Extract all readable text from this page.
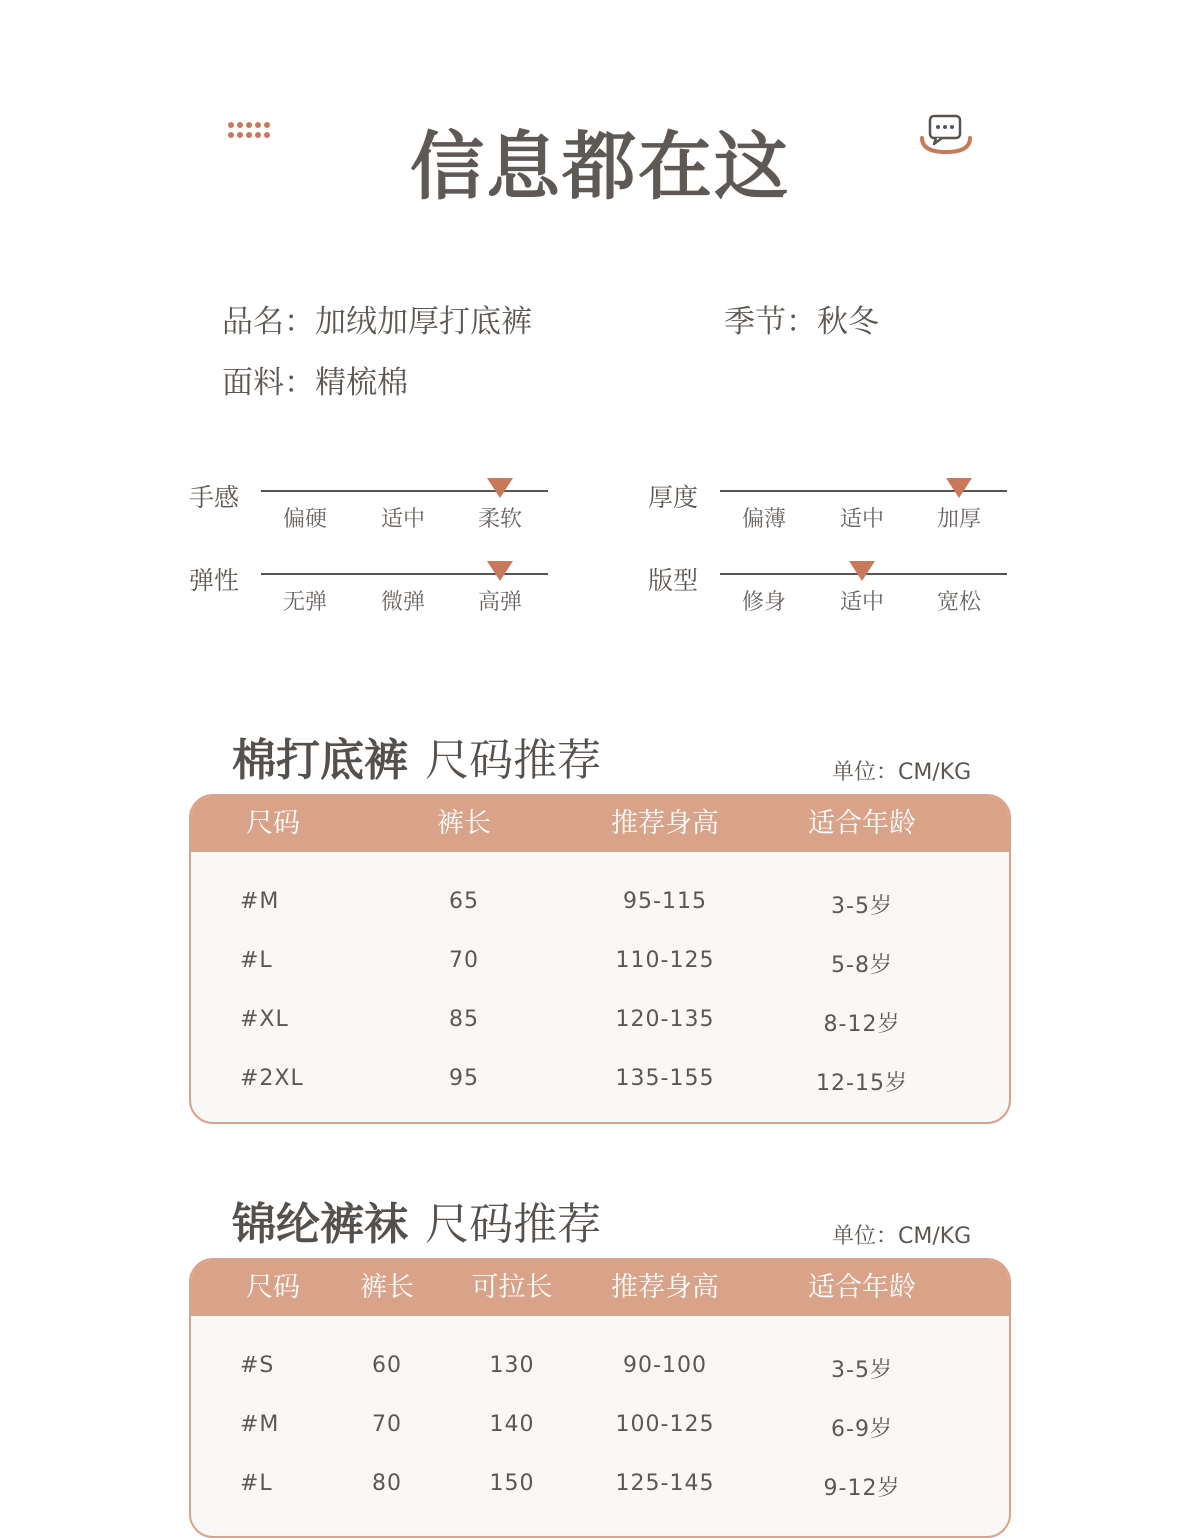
信息都在这
品名：加绒加厚打底裤	季节：秋冬
面料：精梳棉
手感
偏硬	适中	柔软
厚度
偏薄	适中	加厚
弹性
无弹	微弹	高弹
版型
修身	适中	宽松
棉打底裤 尺码推荐	单位：CM/KG
尺码	裤长	推荐身高	适合年龄
#M	65	95-115	3-5岁
#L	70	110-125	5-8岁
#XL	85	120-135	8-12岁
#2XL	95	135-155	12-15岁
锦纶裤袜 尺码推荐	单位：CM/KG
尺码	裤长	可拉长	推荐身高	适合年龄
#S	60	130	90-100	3-5岁
#M	70	140	100-125	6-9岁
#L	80	150	125-145	9-12岁
